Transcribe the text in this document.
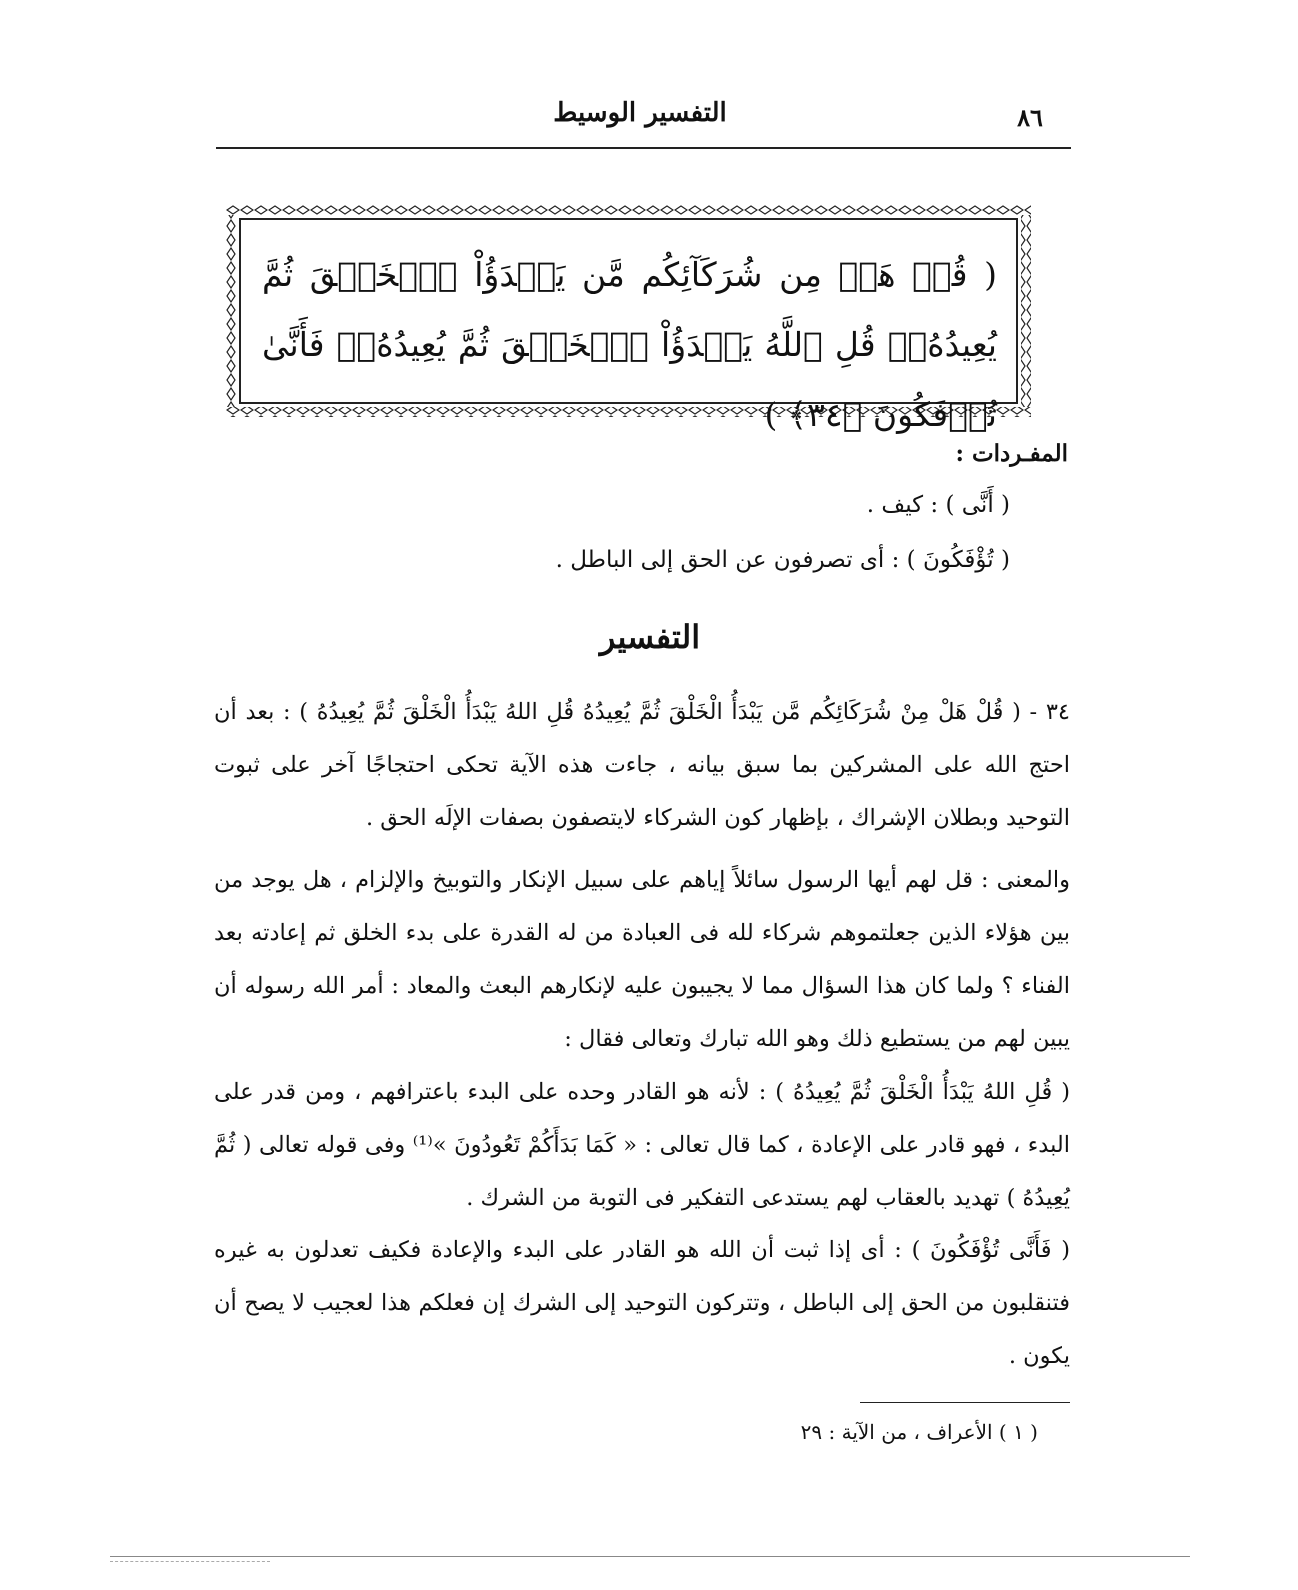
٨٦
التفسير الوسيط
( قُلۡ هَلۡ مِن شُرَكَآئِكُم مَّن يَبۡدَؤُاْ ٱلۡخَلۡقَ ثُمَّ يُعِيدُهُۥۚ قُلِ ٱللَّهُ يَبۡدَؤُاْ ٱلۡخَلۡقَ ثُمَّ يُعِيدُهُۥۖ فَأَنَّىٰ تُؤۡفَكُونَ ﴿٣٤﴾ )
المفـردات :
( أَنَّى ) : كيف .
( تُؤْفَكُونَ ) : أى تصرفون عن الحق إلى الباطل .
التفسير
٣٤ - ( قُلْ هَلْ مِنْ شُرَكَائِكُم مَّن يَبْدَأُ الْخَلْقَ ثُمَّ يُعِيدُهُ قُلِ اللهُ يَبْدَأُ الْخَلْقَ ثُمَّ يُعِيدُهُ ) : بعد أن احتج الله على المشركين بما سبق بيانه ، جاءت هذه الآية تحكى احتجاجًا آخر على ثبوت التوحيد وبطلان الإشراك ، بإظهار كون الشركاء لايتصفون بصفات الإلَه الحق .
والمعنى : قل لهم أيها الرسول سائلاً إياهم على سبيل الإنكار والتوبيخ والإلزام ، هل يوجد من بين هؤلاء الذين جعلتموهم شركاء لله فى العبادة من له القدرة على بدء الخلق ثم إعادته بعد الفناء ؟ ولما كان هذا السؤال مما لا يجيبون عليه لإنكارهم البعث والمعاد : أمر الله رسوله أن يبين لهم من يستطيع ذلك وهو الله تبارك وتعالى فقال :
( قُلِ اللهُ يَبْدَأُ الْخَلْقَ ثُمَّ يُعِيدُهُ ) : لأنه هو القادر وحده على البدء باعترافهم ، ومن قدر على البدء ، فهو قادر على الإعادة ، كما قال تعالى : « كَمَا بَدَأَكُمْ تَعُودُونَ »⁽¹⁾ وفى قوله تعالى ( ثُمَّ يُعِيدُهُ ) تهديد بالعقاب لهم يستدعى التفكير فى التوبة من الشرك .
( فَأَنَّى تُؤْفَكُونَ ) : أى إذا ثبت أن الله هو القادر على البدء والإعادة فكيف تعدلون به غيره فتنقلبون من الحق إلى الباطل ، وتتركون التوحيد إلى الشرك إن فعلكم هذا لعجيب لا يصح أن يكون .
( ١ ) الأعراف ، من الآية : ٢٩
